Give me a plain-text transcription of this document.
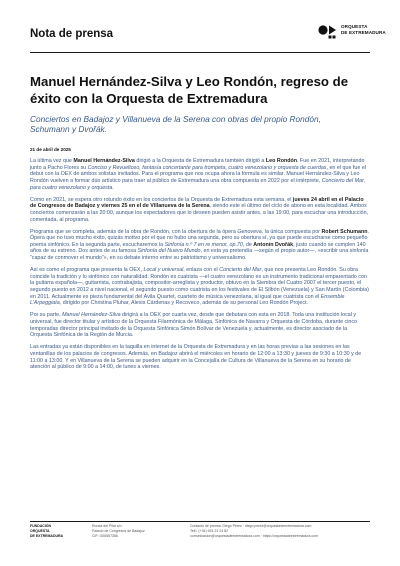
Nota de prensa
ORQUESTA
DE EXTREMADURA
Manuel Hernández-Silva y Leo Rondón, regreso de éxito con la Orquesta de Extremadura
Conciertos en Badajoz y Villanueva de la Serena con obras del propio Rondón, Schumann y Dvořák.
21 de abril de 2025

La última vez que Manuel Hernández-Silva dirigió a la Orquesta de Extremadura también dirigió a Leo Rondón. Fue en 2021, interpretando junto a Pacho Flores su Conciso y Revueltoso, fantasía concertante para trompeta, cuatro venezolano y orquesta de cuerdas, en el que fue el debut con la OEX de ambos solistas invitados. Para el programa que nos ocupa ahora la fórmula es similar. Manuel Hernández-Silva y Leo Rondón vuelven a formar dúo artístico para traer al público de Extremadura una obra compuesta en 2022 por el intérprete, Concierto del Mar, para cuatro venezolano y orquesta.

Como en 2021, se espera otro rotundo éxito en los conciertos de la Orquesta de Extremadura esta semana, el jueves 24 abril en el Palacio de Congresos de Badajoz y viernes 25 en el de Villanueva de la Serena, siendo este el último del ciclo de abono en esta localidad. Ambos conciertos comenzarán a las 20:00, aunque los espectadores que lo deseen pueden asistir antes, a las 19:00, para escuchar una introducción, comentada, al programa.

Programa que se completa, además de la obra de Rondón, con la obertura de la ópera Genoveva, la única compuesta por Robert Schumann. Ópera que no tuvo mucho éxito, quizás motivo por el que no hubo una segunda, pero su obertura sí, ya que puede escucharse como pequeño poema sinfónico. En la segunda parte, escucharemos la Sinfonía n.º 7 en re menor, op.70, de Antonín Dvořák, justo cuando se cumplen 140 años de su estreno. Dos antes de su famosa Sinfonía del Nuevo Mundo, en esta ya pretendía —según el propio autor—, «escribir una sinfonía “capaz de conmover el mundo”», en su debate interno entre su patriotismo y universalismo.

Así es como el programa que presenta la OEX, Local y universal, enlaza con el Concierto del Mar, que nos presenta Leo Rondón. Su obra coincide la tradición y lo sinfónico con naturalidad. Rondón es cuatrista —el cuatro venezolano es un instrumento tradicional emparentado con la guitarra española—, guitarrista, contrabajista, compositor-arreglista y productor, obtuvo en la Siembra del Cuatro 2007 el tercer puesto, el segundo puesto en 2012 a nivel nacional, el segundo puesto como cuatrista en los festivales de El Silbón (Venezuela) y San Martín (Colombia) en 2011. Actualmente es pieza fundamental del Ávila Quartet, cuarteto de música venezolana, al igual que cuatrista con el Ensemble L’Arpeggiata, dirigido por Christina Pluhar, Alexis Cárdenas y Recoveco, además de su personal Leo Rondón Project.

Por su parte, Manuel Hernández-Silva dirigirá a la OEX por cuarta vez, desde que debutara con esta en 2018. Toda una institución local y universal, fue director titular y artístico de la Orquesta Filarmónica de Málaga, Sinfónica de Navarra y Orquesta de Córdoba, durante cinco temporadas director principal invitado de la Orquesta Sinfónica Simón Bolívar de Venezuela y, actualmente, es director asociado de la Orquesta Sinfónica de la Región de Murcia.

Las entradas ya están disponibles en la taquilla en internet de la Orquesta de Extremadura y en las horas previas a las sesiones en las ventanillas de los palacios de congresos. Además, en Badajoz abrirá el miércoles en horario de 12:00 a 13:30 y jueves de 9:30 a 10:30 y de 11:00 a 13:00. Y en Villanueva de la Serena se pueden adquirir en la Concejalía de Cultura de Villanueva de la Serena en su horario de atención al público de 9:00 a 14:00, de lunes a viernes.

FUNDACIÓN
ORQUESTA
DE EXTREMADURA
Ronda del Pilar s/n
Palacio de Congresos de Badajoz
CIF: G06557366
Contacto de prensa: Diego Pérez · diego.perez@orquestadeextremadura.com
Telf.: (+34) 924 23 24 82
comunicacion@orquestadeextremadura.com · https://orquestadeextremadura.com
